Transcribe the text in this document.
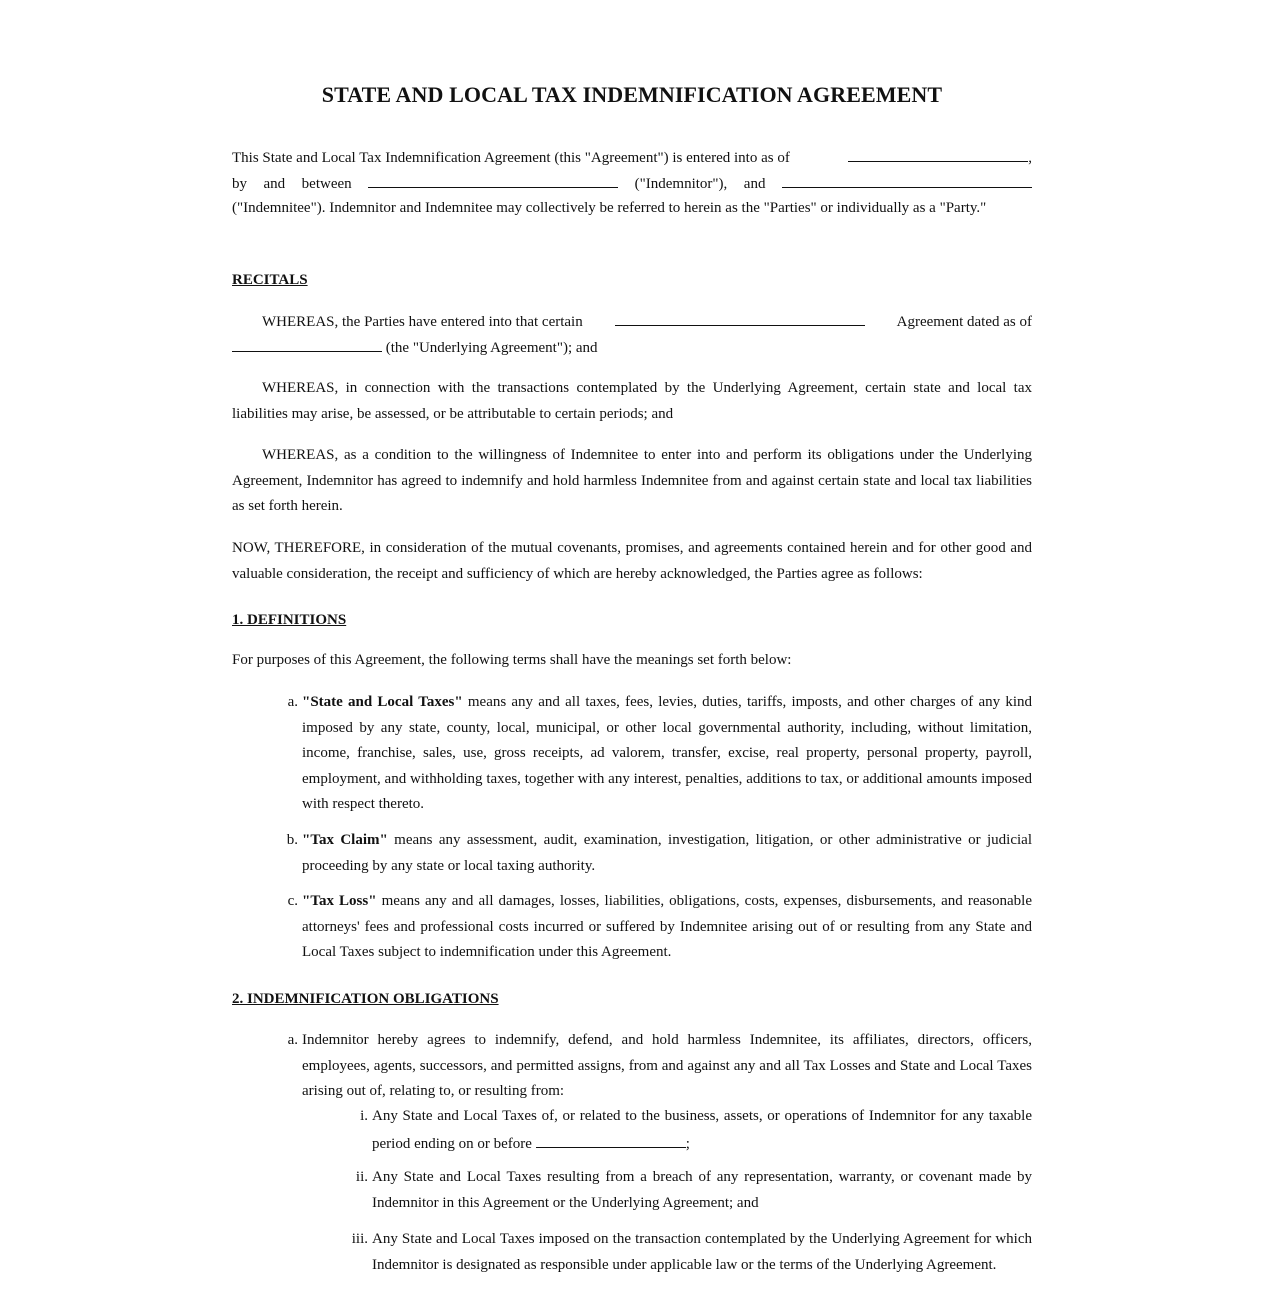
STATE AND LOCAL TAX INDEMNIFICATION AGREEMENT
This State and Local Tax Indemnification Agreement (this "Agreement") is entered into as of	,
by and between	("Indemnitor"), and

("Indemnitee"). Indemnitor and Indemnitee may collectively be referred to herein as the "Parties" or individually as a "Party."

RECITALS
WHEREAS, the Parties have entered into that certain	Agreement dated as of
(the "Underlying Agreement"); and

WHEREAS, in connection with the transactions contemplated by the Underlying Agreement, certain state and local tax liabilities may arise, be assessed, or be attributable to certain periods; and

WHEREAS, as a condition to the willingness of Indemnitee to enter into and perform its obligations under the Underlying Agreement, Indemnitor has agreed to indemnify and hold harmless Indemnitee from and against certain state and local tax liabilities as set forth herein.

NOW, THEREFORE, in consideration of the mutual covenants, promises, and agreements contained herein and for other good and valuable consideration, the receipt and sufficiency of which are hereby acknowledged, the Parties agree as follows:

1. DEFINITIONS

For purposes of this Agreement, the following terms shall have the meanings set forth below:

a. "State and Local Taxes" means any and all taxes, fees, levies, duties, tariffs, imposts, and other charges of any kind imposed by any state, county, local, municipal, or other local governmental authority, including, without limitation, income, franchise, sales, use, gross receipts, ad valorem, transfer, excise, real property, personal property, payroll, employment, and withholding taxes, together with any interest, penalties, additions to tax, or additional amounts imposed with respect thereto.

b. "Tax Claim" means any assessment, audit, examination, investigation, litigation, or other administrative or judicial proceeding by any state or local taxing authority.

c. "Tax Loss" means any and all damages, losses, liabilities, obligations, costs, expenses, disbursements, and reasonable attorneys' fees and professional costs incurred or suffered by Indemnitee arising out of or resulting from any State and Local Taxes subject to indemnification under this Agreement.

2. INDEMNIFICATION OBLIGATIONS
a. Indemnitor hereby agrees to indemnify, defend, and hold harmless Indemnitee, its affiliates, directors, officers, employees, agents, successors, and permitted assigns, from and against any and all Tax Losses and State and Local Taxes arising out of, relating to, or resulting from:

i. Any State and Local Taxes of, or related to the business, assets, or operations of Indemnitor for any taxable period ending on or before	;

ii. Any State and Local Taxes resulting from a breach of any representation, warranty, or covenant made by Indemnitor in this Agreement or the Underlying Agreement; and

iii. Any State and Local Taxes imposed on the transaction contemplated by the Underlying Agreement for which Indemnitor is designated as responsible under applicable law or the terms of the Underlying Agreement.
